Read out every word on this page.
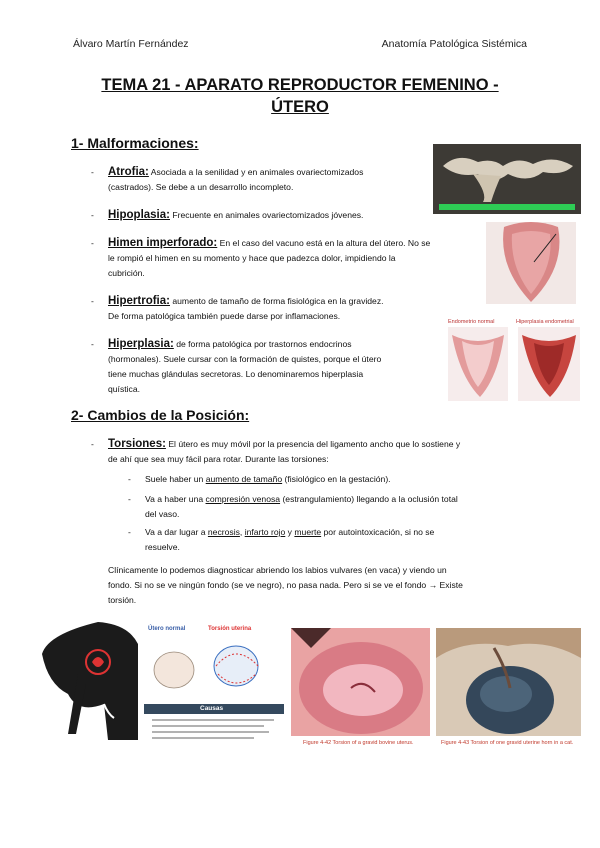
Álvaro Martín Fernández	Anatomía Patológica Sistémica
TEMA 21 - APARATO REPRODUCTOR FEMENINO -
ÚTERO
1- Malformaciones:
- Atrofia: Asociada a la senilidad y en animales ovariectomizados
(castrados). Se debe a un desarrollo incompleto.
- Hipoplasia: Frecuente en animales ovariectomizados jóvenes.
- Himen imperforado: En el caso del vacuno está en la altura del útero. No se
le rompió el himen en su momento y hace que padezca dolor, impidiendo la
cubrición.
- Hipertrofia: aumento de tamaño de forma fisiológica en la gravidez.
De forma patológica también puede darse por inflamaciones.
- Hiperplasia: de forma patológica por trastornos endocrinos
(hormonales). Suele cursar con la formación de quistes, porque el útero
tiene muchas glándulas secretoras. Lo denominaremos hiperplasia
quística.
Endometrio normal	Hiperplasia endometrial
2- Cambios de la Posición:
- Torsiones: El útero es muy móvil por la presencia del ligamento ancho que lo sostiene y
de ahí que sea muy fácil para rotar. Durante las torsiones:
- Suele haber un aumento de tamaño (fisiológico en la gestación).
- Va a haber una compresión venosa (estrangulamiento) llegando a la oclusión total
del vaso.
- Va a dar lugar a necrosis, infarto rojo y muerte por autointoxicación, si no se
resuelve.
Clínicamente lo podemos diagnosticar abriendo los labios vulvares (en vaca) y viendo un
fondo. Si no se ve ningún fondo (se ve negro), no pasa nada. Pero si se ve el fondo → Existe
torsión.
Útero normal	Torsión uterina
Causas
Figure 4-42 Torsion of a gravid bovine uterus.	Figure 4-43 Torsion of one gravid uterine horn in a cat.
